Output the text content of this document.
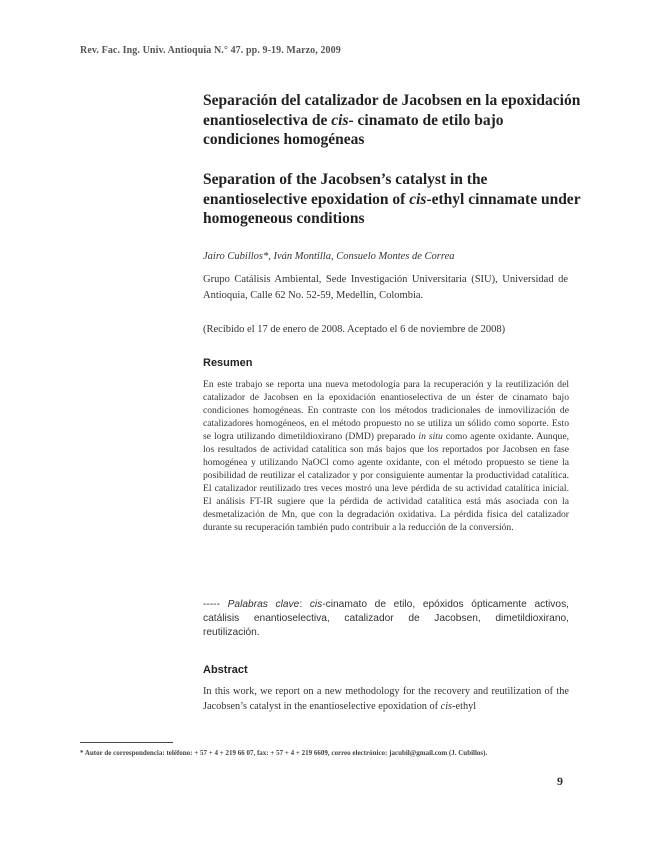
Rev. Fac. Ing. Univ. Antioquia N.° 47. pp. 9-19. Marzo, 2009
Separación del catalizador de Jacobsen en la epoxidación enantioselectiva de cis- cinamato de etilo bajo condiciones homogéneas
Separation of the Jacobsen’s catalyst in the enantioselective epoxidation of cis-ethyl cinnamate under homogeneous conditions
Jairo Cubillos*, Iván Montilla, Consuelo Montes de Correa
Grupo Catálisis Ambiental, Sede Investigación Universitaria (SIU), Universidad de Antioquia, Calle 62 No. 52-59, Medellín, Colombia.
(Recibido el 17 de enero de 2008. Aceptado el 6 de noviembre de 2008)
Resumen
En este trabajo se reporta una nueva metodología para la recuperación y la reutilización del catalizador de Jacobsen en la epoxidación enantioselectiva de un éster de cinamato bajo condiciones homogéneas. En contraste con los métodos tradicionales de inmovilización de catalizadores homogéneos, en el método propuesto no se utiliza un sólido como soporte. Esto se logra utilizando dimetildioxirano (DMD) preparado in situ como agente oxidante. Aunque, los resultados de actividad catalítica son más bajos que los reportados por Jacobsen en fase homogénea y utilizando NaOCl como agente oxidante, con el método propuesto se tiene la posibilidad de reutilizar el catalizador y por consiguiente aumentar la productividad catalítica. El catalizador reutilizado tres veces mostró una leve pérdida de su actividad catalítica inicial. El análisis FT-IR sugiere que la pérdida de actividad catalítica está más asociada con la desmetalización de Mn, que con la degradación oxidativa. La pérdida física del catalizador durante su recuperación también pudo contribuir a la reducción de la conversión.
----- Palabras clave: cis-cinamato de etilo, epóxidos ópticamente activos, catálisis enantioselectiva, catalizador de Jacobsen, dimetildioxirano, reutilización.
Abstract
In this work, we report on a new methodology for the recovery and reutilization of the Jacobsen’s catalyst in the enantioselective epoxidation of cis-ethyl
* Autor de correspondencia: teléfono: + 57 + 4 + 219 66 07, fax: + 57 + 4 + 219 6609, correo electrónico: jacubil@gmail.com (J. Cubillos).
9
